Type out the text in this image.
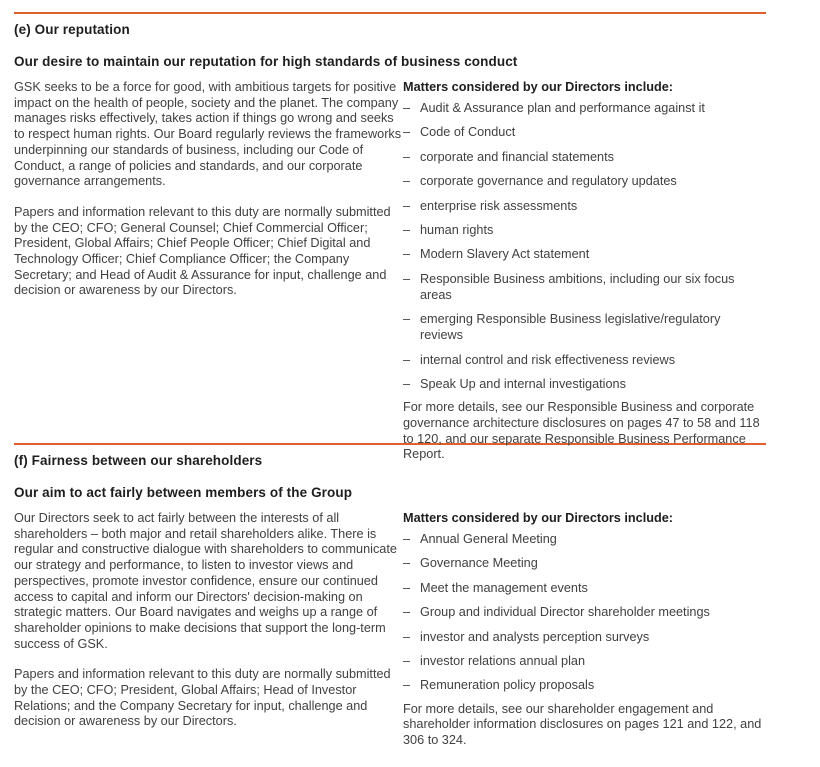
(e) Our reputation
Our desire to maintain our reputation for high standards of business conduct

GSK seeks to be a force for good, with ambitious targets for positive impact on the health of people, society and the planet. The company manages risks effectively, takes action if things go wrong and seeks to respect human rights. Our Board regularly reviews the frameworks underpinning our standards of business, including our Code of Conduct, a range of policies and standards, and our corporate governance arrangements.

Papers and information relevant to this duty are normally submitted by the CEO; CFO; General Counsel; Chief Commercial Officer; President, Global Affairs; Chief People Officer; Chief Digital and Technology Officer; Chief Compliance Officer; the Company Secretary; and Head of Audit & Assurance for input, challenge and decision or awareness by our Directors.

Matters considered by our Directors include:

– Audit & Assurance plan and performance against it
– Code of Conduct
– corporate and financial statements
– corporate governance and regulatory updates
– enterprise risk assessments
– human rights
– Modern Slavery Act statement
– Responsible Business ambitions, including our six focus areas
– emerging Responsible Business legislative/regulatory reviews
– internal control and risk effectiveness reviews
– Speak Up and internal investigations

For more details, see our Responsible Business and corporate governance architecture disclosures on pages 47 to 58 and 118 to 120, and our separate Responsible Business Performance Report.

(f) Fairness between our shareholders
Our aim to act fairly between members of the Group

Our Directors seek to act fairly between the interests of all shareholders – both major and retail shareholders alike. There is regular and constructive dialogue with shareholders to communicate our strategy and performance, to listen to investor views and perspectives, promote investor confidence, ensure our continued access to capital and inform our Directors' decision-making on strategic matters. Our Board navigates and weighs up a range of shareholder opinions to make decisions that support the long-term success of GSK.

Papers and information relevant to this duty are normally submitted by the CEO; CFO; President, Global Affairs; Head of Investor Relations; and the Company Secretary for input, challenge and decision or awareness by our Directors.

Matters considered by our Directors include:

– Annual General Meeting
– Governance Meeting
– Meet the management events
– Group and individual Director shareholder meetings
– investor and analysts perception surveys
– investor relations annual plan
– Remuneration policy proposals

For more details, see our shareholder engagement and shareholder information disclosures on pages 121 and 122, and 306 to 324.
